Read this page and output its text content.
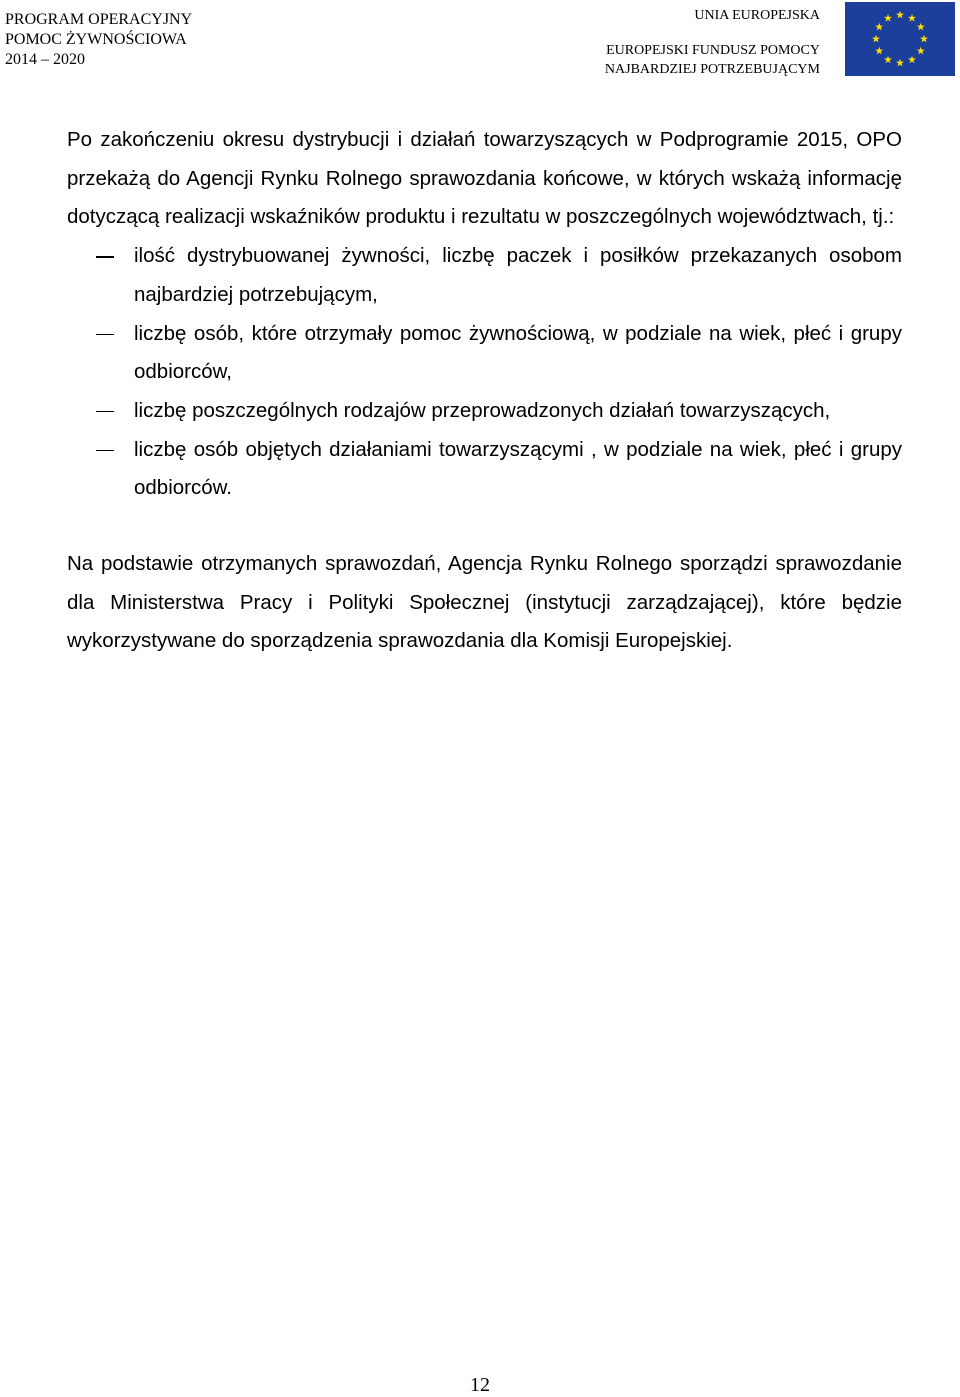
PROGRAM OPERACYJNY
POMOC ŻYWNOŚCIOWA
2014 – 2020
UNIA EUROPEJSKA
EUROPEJSKI FUNDUSZ POMOCY
NAJBARDZIEJ POTRZEBUJĄCYM

Po zakończeniu okresu dystrybucji i działań towarzyszących w Podprogramie 2015, OPO przekażą do Agencji Rynku Rolnego sprawozdania końcowe, w których wskażą informację dotyczącą realizacji wskaźników produktu i rezultatu w poszczególnych województwach, tj.:

ilość dystrybuowanej żywności, liczbę paczek i posiłków przekazanych osobom najbardziej potrzebującym,
liczbę osób, które otrzymały pomoc żywnościową, w podziale na wiek, płeć i grupy odbiorców,
liczbę poszczególnych rodzajów przeprowadzonych działań towarzyszących,
liczbę osób objętych działaniami towarzyszącymi , w podziale na wiek, płeć i grupy odbiorców.

Na podstawie otrzymanych sprawozdań, Agencja Rynku Rolnego sporządzi sprawozdanie dla Ministerstwa Pracy i Polityki Społecznej (instytucji zarządzającej), które będzie wykorzystywane do sporządzenia sprawozdania dla Komisji Europejskiej.

12
